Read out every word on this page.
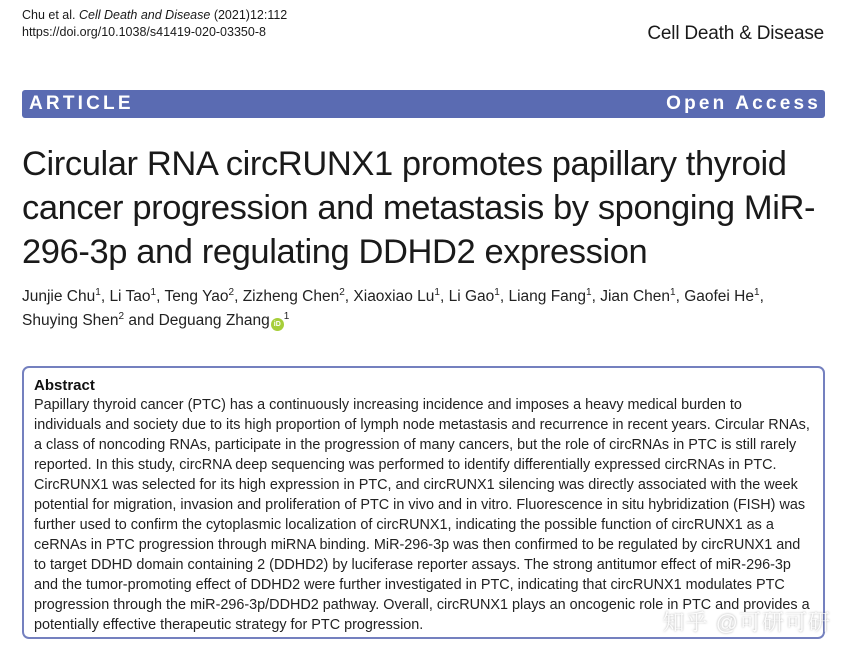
Chu et al. Cell Death and Disease (2021)12:112
https://doi.org/10.1038/s41419-020-03350-8	Cell Death & Disease
ARTICLE	Open Access
Circular RNA circRUNX1 promotes papillary thyroid cancer progression and metastasis by sponging MiR-296-3p and regulating DDHD2 expression
Junjie Chu$^1$, Li Tao$^1$, Teng Yao$^2$, Zizheng Chen$^2$, Xiaoxiao Lu$^1$, Li Gao$^1$, Liang Fang$^1$, Jian Chen$^1$, Gaofei He$^1$,
Shuying Shen$^2$ and Deguang Zhang $iD^1$
Abstract
Papillary thyroid cancer (PTC) has a continuously increasing incidence and imposes a heavy medical burden to individuals and society due to its high proportion of lymph node metastasis and recurrence in recent years. Circular RNAs, a class of noncoding RNAs, participate in the progression of many cancers, but the role of circRNAs in PTC is still rarely reported. In this study, circRNA deep sequencing was performed to identify differentially expressed circRNAs in PTC. CircRUNX1 was selected for its high expression in PTC, and circRUNX1 silencing was directly associated with the week potential for migration, invasion and proliferation of PTC in vivo and in vitro. Fluorescence in situ hybridization (FISH) was further used to confirm the cytoplasmic localization of circRUNX1, indicating the possible function of circRUNX1 as a ceRNAs in PTC progression through miRNA binding. MiR-296-3p was then confirmed to be regulated by circRUNX1 and to target DDHD domain containing 2 (DDHD2) by luciferase reporter assays. The strong antitumor effect of miR-296-3p and the tumor-promoting effect of DDHD2 were further investigated in PTC, indicating that circRUNX1 modulates PTC progression through the miR-296-3p/DDHD2 pathway. Overall, circRUNX1 plays an oncogenic role in PTC and provides a potentially effective therapeutic strategy for PTC progression.	知乎 @可研可研
